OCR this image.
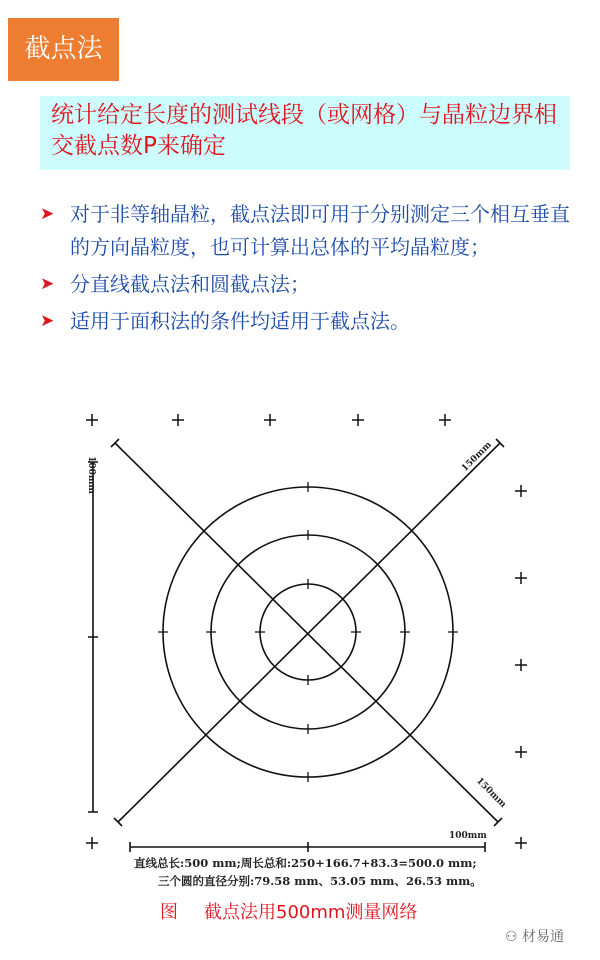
截点法
统计给定长度的测试线段（或网格）与晶粒边界相交截点数P来确定
➤ 对于非等轴晶粒，截点法即可用于分别测定三个相互垂直的方向晶粒度，也可计算出总体的平均晶粒度；
➤ 分直线截点法和圆截点法；
➤ 适用于面积法的条件均适用于截点法。
100mm	150mm
150mm
100mm
直线总长:500 mm;周长总和:250+166.7+83.3=500.0 mm;
三个圆的直径分别:79.58 mm、53.05 mm、26.53 mm。
图 截点法用500mm测量网络
⚇ 材易通
